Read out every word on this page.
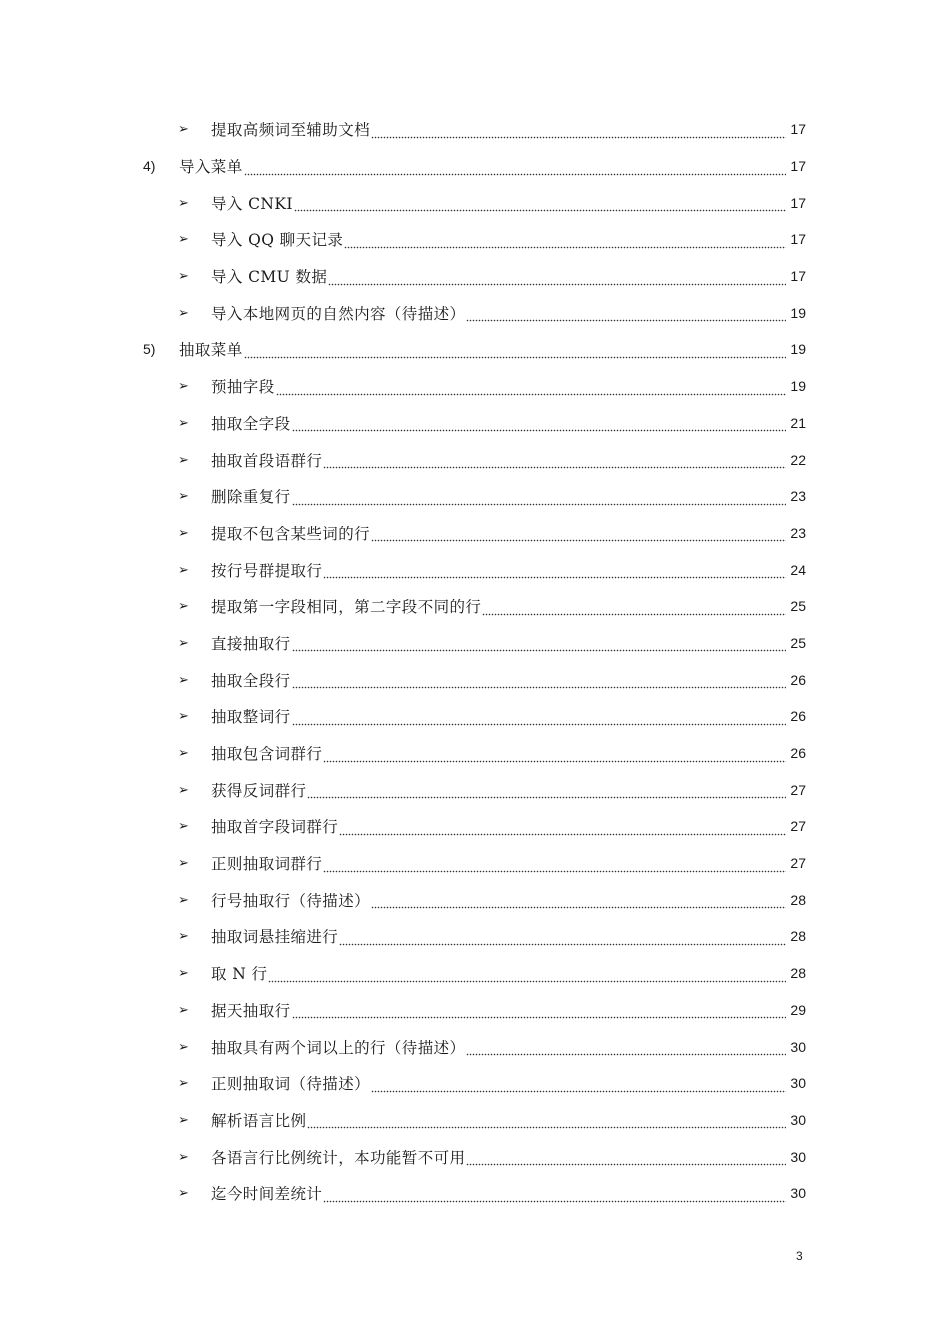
➢	提取高频词至辅助文档	17
4)	导入菜单	17
➢	导入 CNKI	17
➢	导入 QQ 聊天记录	17
➢	导入 CMU 数据	17
➢	导入本地网页的自然内容（待描述）	19
5)	抽取菜单	19
➢	预抽字段	19
➢	抽取全字段	21
➢	抽取首段语群行	22
➢	删除重复行	23
➢	提取不包含某些词的行	23
➢	按行号群提取行	24
➢	提取第一字段相同，第二字段不同的行	25
➢	直接抽取行	25
➢	抽取全段行	26
➢	抽取整词行	26
➢	抽取包含词群行	26
➢	获得反词群行	27
➢	抽取首字段词群行	27
➢	正则抽取词群行	27
➢	行号抽取行（待描述）	28
➢	抽取词悬挂缩进行	28
➢	取 N 行	28
➢	据天抽取行	29
➢	抽取具有两个词以上的行（待描述）	30
➢	正则抽取词（待描述）	30
➢	解析语言比例	30
➢	各语言行比例统计，本功能暂不可用	30
➢	迄今时间差统计	30
3
